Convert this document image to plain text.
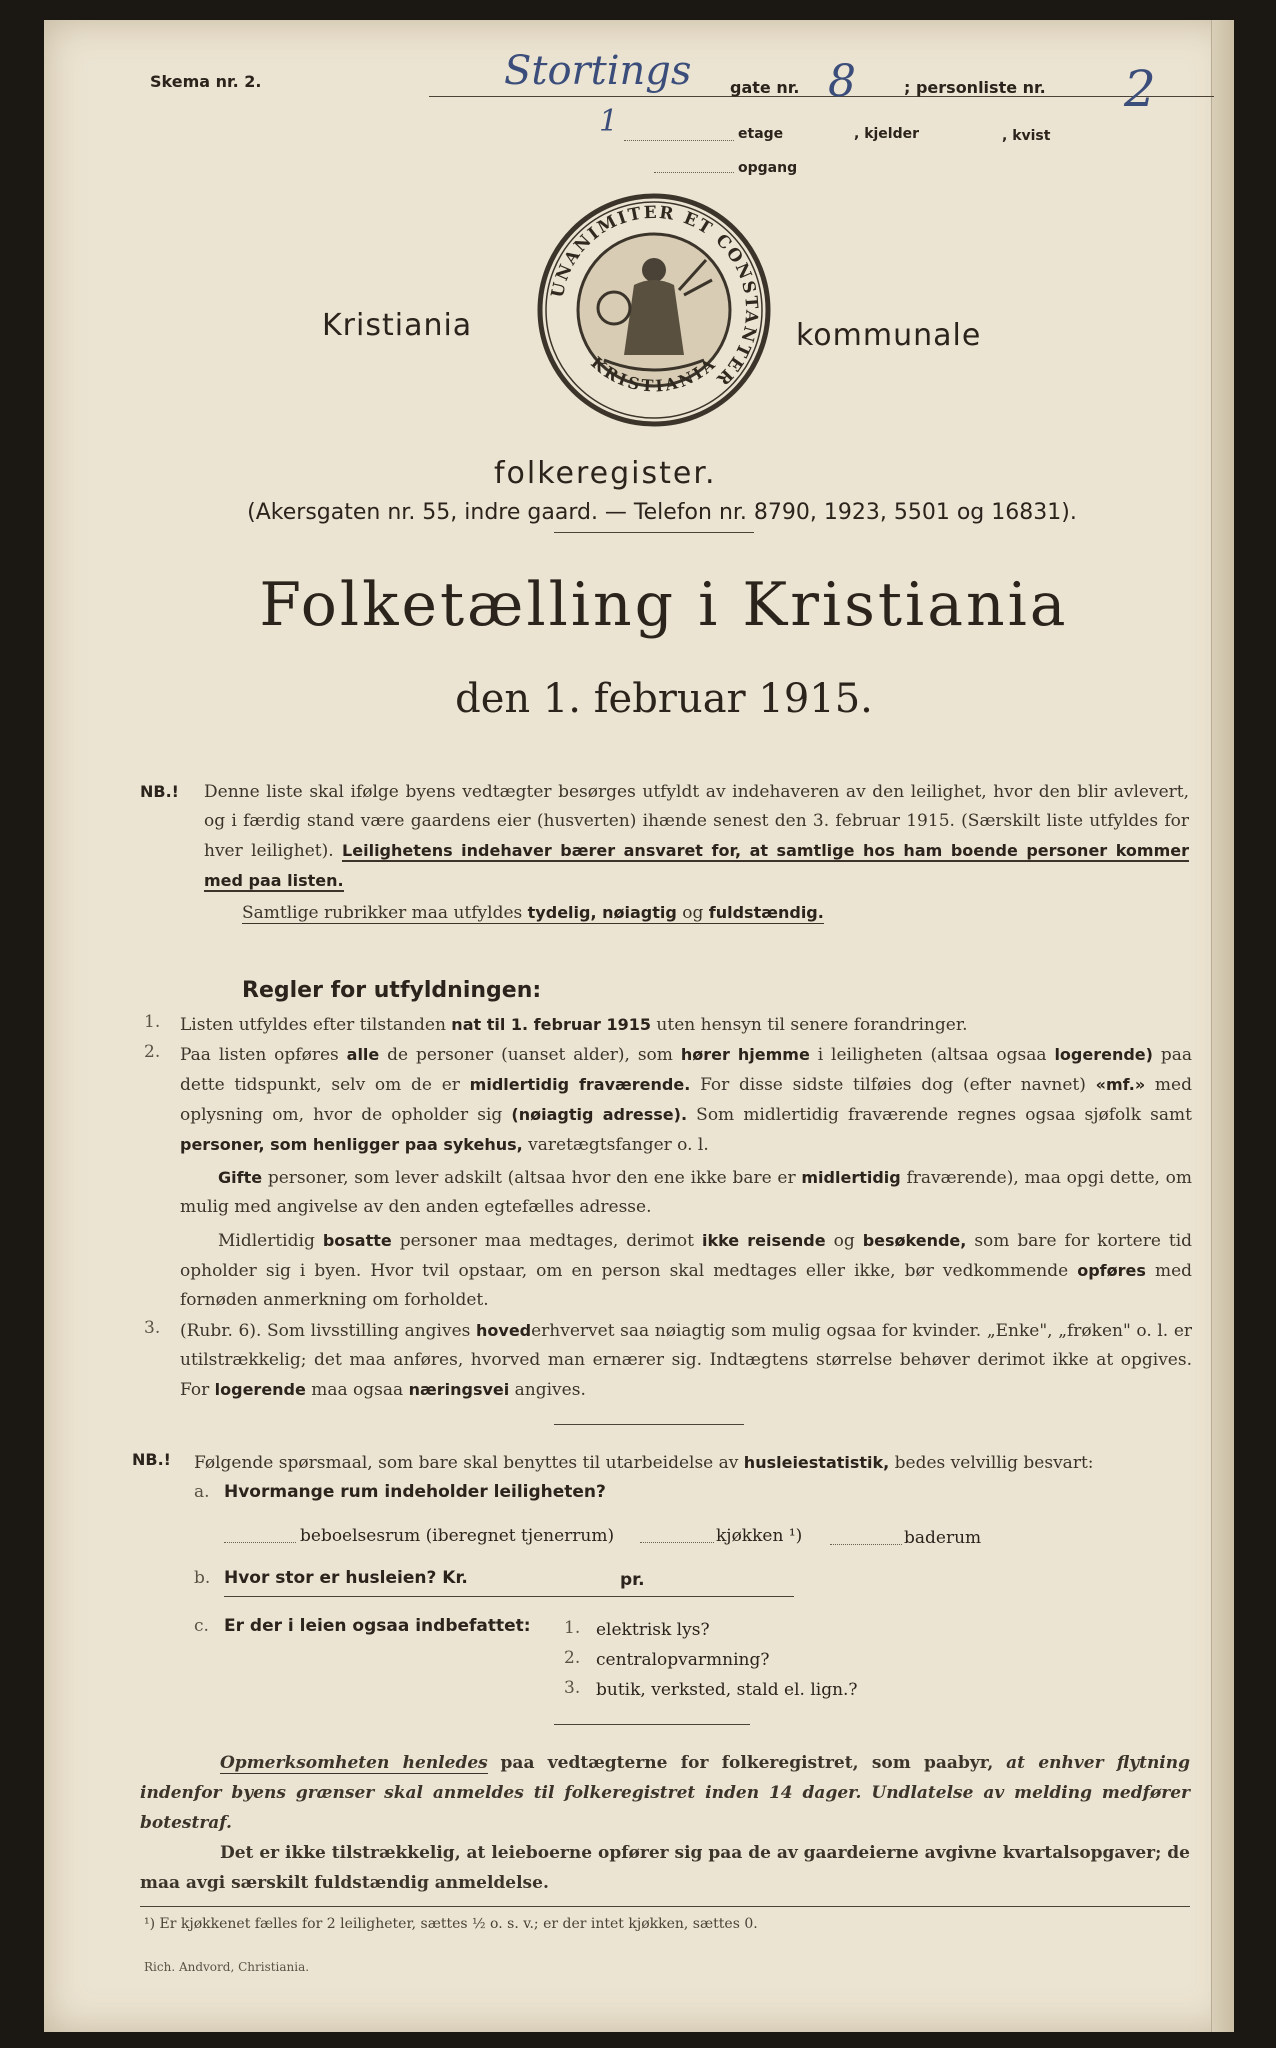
Skema nr. 2.	Stortings gate nr. 8	; personliste nr. 2
1	etage	, kjelder	, kvist
opgang
UNANIMITER ET CONSTANTER
KRISTIANIA
Kristiania	kommunale
folkeregister.
(Akersgaten nr. 55, indre gaard. — Telefon nr. 8790, 1923, 5501 og 16831).
Folketælling i Kristiania
den 1. februar 1915.
NB.! Denne liste skal ifølge byens vedtægter besørges utfyldt av indehaveren av den leilighet, hvor den blir avlevert, og i færdig stand være gaardens eier (husverten) ihænde senest den 3. februar 1915. (Særskilt liste utfyldes for hver leilighet). Leilighetens indehaver bærer ansvaret for, at samtlige hos ham boende personer kommer med paa listen.
Samtlige rubrikker maa utfyldes tydelig, nøiagtig og fuldstændig.
Regler for utfyldningen:
1. Listen utfyldes efter tilstanden nat til 1. februar 1915 uten hensyn til senere forandringer.
2. Paa listen opføres alle de personer (uanset alder), som hører hjemme i leiligheten (altsaa ogsaa logerende) paa dette tidspunkt, selv om de er midlertidig fraværende. For disse sidste tilføies dog (efter navnet) «mf.» med oplysning om, hvor de opholder sig (nøiagtig adresse). Som midlertidig fraværende regnes ogsaa sjøfolk samt personer, som henligger paa sykehus, varetægtsfanger o. l.
Gifte personer, som lever adskilt (altsaa hvor den ene ikke bare er midlertidig fraværende), maa opgi dette, om mulig med angivelse av den anden egtefælles adresse.
Midlertidig bosatte personer maa medtages, derimot ikke reisende og besøkende, som bare for kortere tid opholder sig i byen. Hvor tvil opstaar, om en person skal medtages eller ikke, bør vedkommende opføres med fornøden anmerkning om forholdet.
3. (Rubr. 6). Som livsstilling angives hovederhvervet saa nøiagtig som mulig ogsaa for kvinder. „Enke", „frøken" o. l. er utilstrækkelig; det maa anføres, hvorved man ernærer sig. Indtægtens størrelse behøver derimot ikke at opgives. For logerende maa ogsaa næringsvei angives.
NB.! Følgende spørsmaal, som bare skal benyttes til utarbeidelse av husleiestatistik, bedes velvillig besvart:
a. Hvormange rum indeholder leiligheten?
beboelsesrum (iberegnet tjenerrum)	kjøkken ¹)	baderum
b. Hvor stor er husleien? Kr.	pr.
c. Er der i leien ogsaa indbefattet: 1. elektrisk lys?
2. centralopvarmning?
3. butik, verksted, stald el. lign.?
Opmerksomheten henledes paa vedtægterne for folkeregistret, som paabyr, at enhver flytning indenfor byens grænser skal anmeldes til folkeregistret inden 14 dager. Undlatelse av melding medfører botestraf.
Det er ikke tilstrækkelig, at leieboerne opfører sig paa de av gaardeierne avgivne kvartalsopgaver; de maa avgi særskilt fuldstændig anmeldelse.
¹) Er kjøkkenet fælles for 2 leiligheter, sættes ½ o. s. v.; er der intet kjøkken, sættes 0.
Rich. Andvord, Christiania.
